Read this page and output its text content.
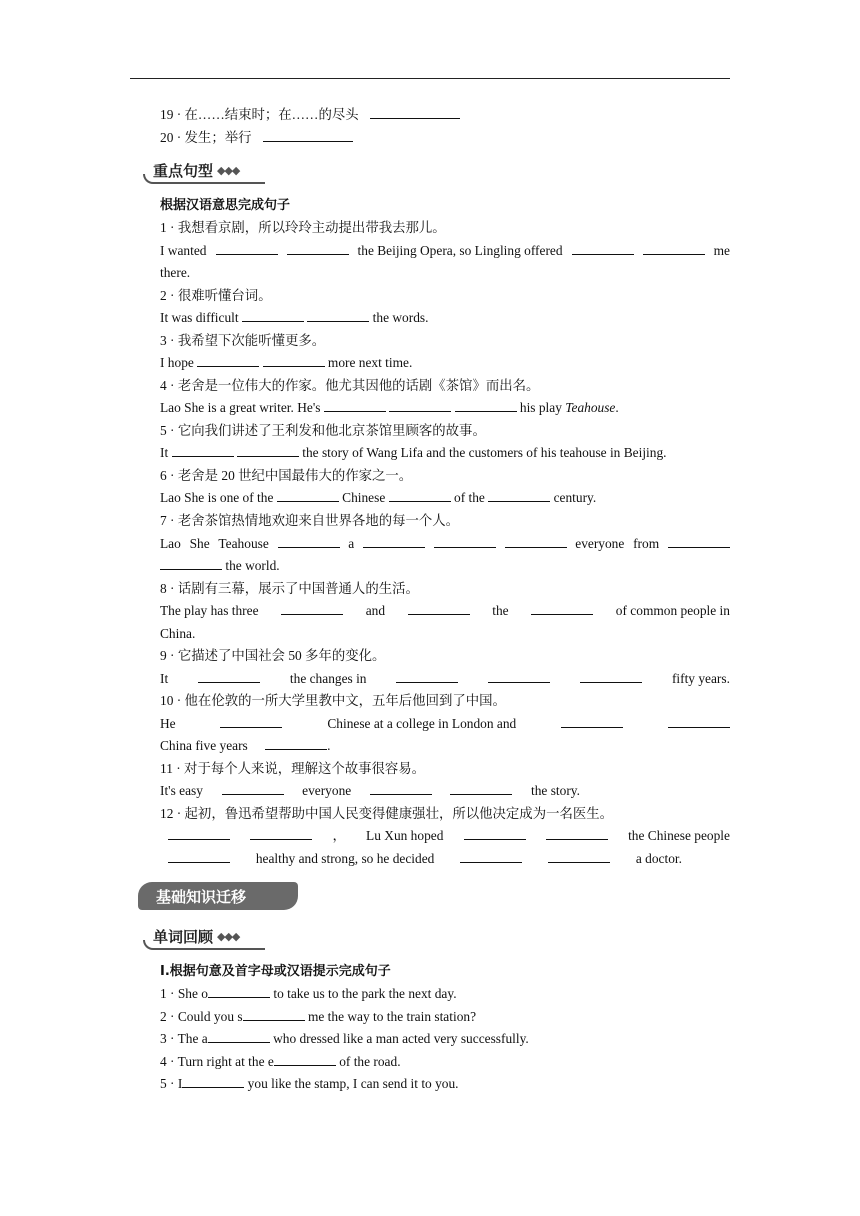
19 · 在……结束时；在……的尽头
20 · 发生；举行
重点句型 ◆◆◆
根据汉语意思完成句子
1 · 我想看京剧，所以玲玲主动提出带我去那儿。
I wanted	the Beijing Opera, so Lingling offered	me
there.
2 · 很难听懂台词。
It was difficult	the words.
3 · 我希望下次能听懂更多。
I hope	more next time.
4 · 老舍是一位伟大的作家。他尤其因他的话剧《茶馆》而出名。
Lao She is a great writer. He's	his play Teahouse.
5 · 它向我们讲述了王利发和他北京茶馆里顾客的故事。
It	the story of Wang Lifa and the customers of his teahouse in Beijing.
6 · 老舍是 20 世纪中国最伟大的作家之一。
Lao She is one of the	Chinese	of the	century.
7 · 老舍茶馆热情地欢迎来自世界各地的每一个人。
Lao She Teahouse	a	everyone from
the world.
8 · 话剧有三幕，展示了中国普通人的生活。
The play has three	and	the	of common people in
China.
9 · 它描述了中国社会 50 多年的变化。
It	the changes in	fifty years.
10 · 他在伦敦的一所大学里教中文，五年后他回到了中国。
He	Chinese at a college in London and
China five years	.
11 · 对于每个人来说，理解这个故事很容易。
It's easy	everyone	the story.
12 · 起初，鲁迅希望帮助中国人民变得健康强壮，所以他决定成为一名医生。
， Lu Xun hoped	the Chinese people
healthy and strong, so he decided	a doctor.
基础知识迁移
单词回顾 ◆◆◆
Ⅰ.根据句意及首字母或汉语提示完成句子
1 · She o	to take us to the park the next day.
2 · Could you s	me the way to the train station?
3 · The a	who dressed like a man acted very successfully.
4 · Turn right at the e	of the road.
5 · I	you like the stamp, I can send it to you.
